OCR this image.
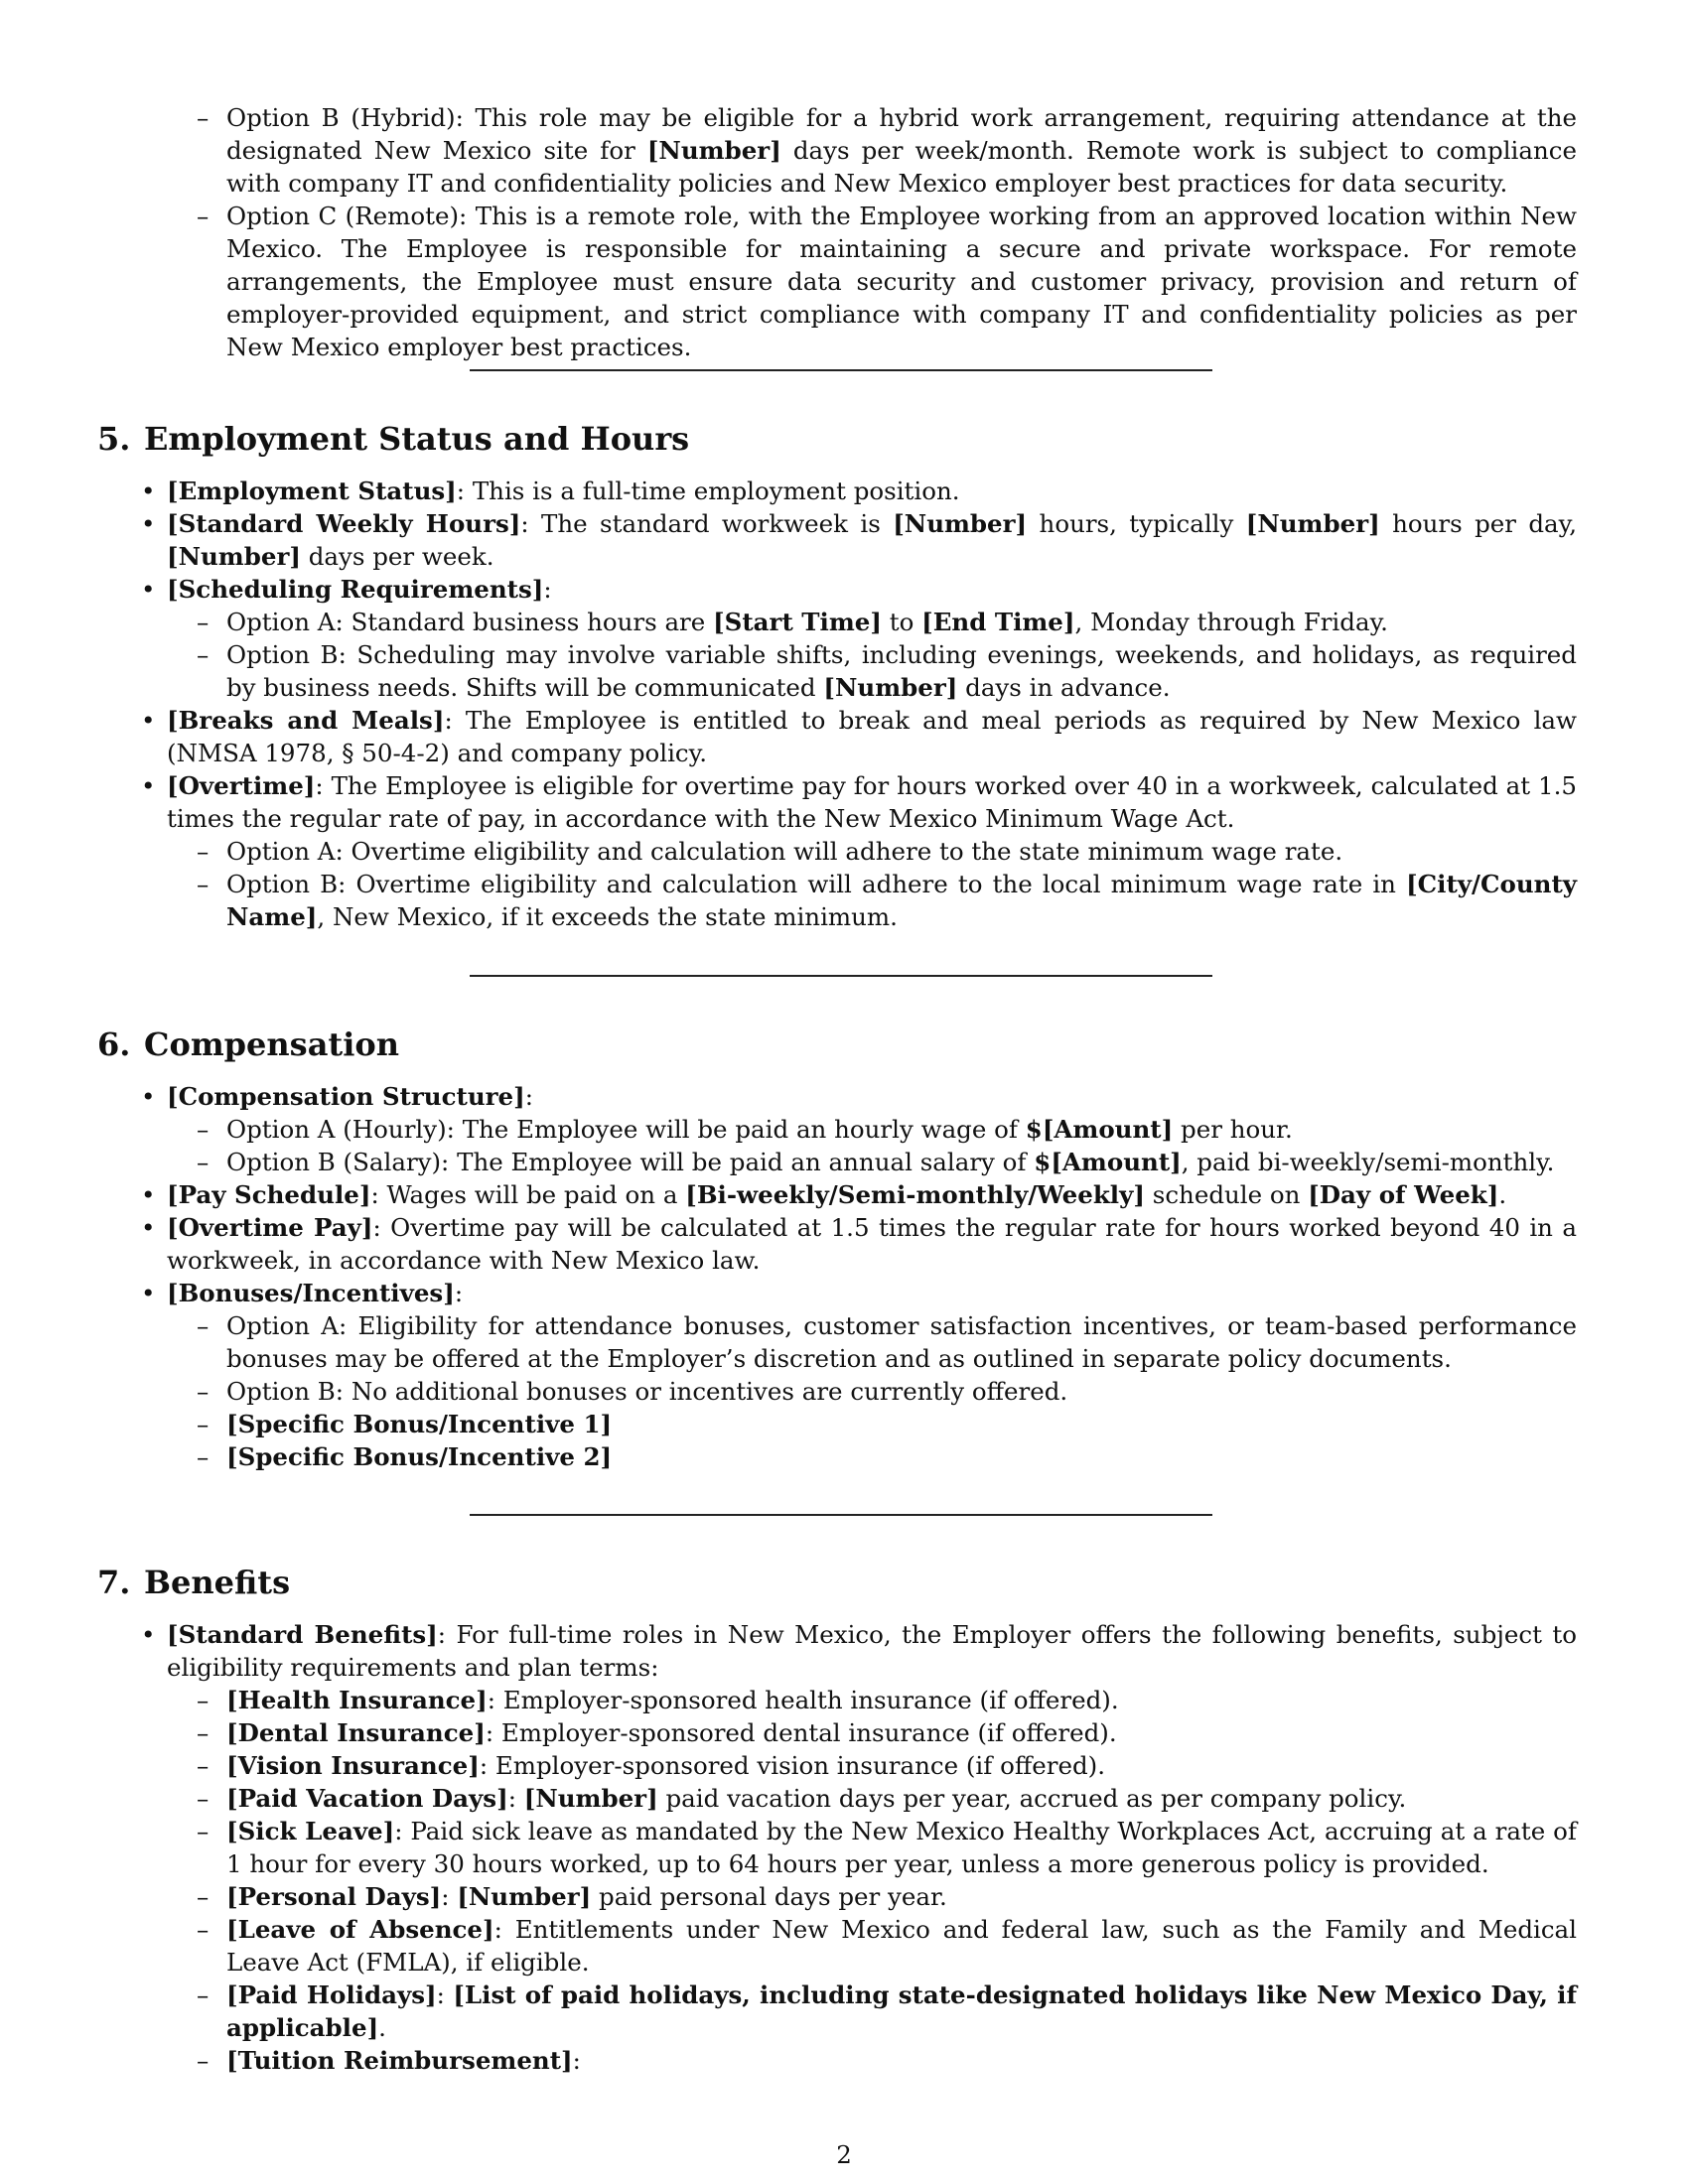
– Option B (Hybrid): This role may be eligible for a hybrid work arrangement, requiring attendance at the designated New Mexico site for [Number] days per week/month. Remote work is subject to compliance with company IT and confidentiality policies and New Mexico employer best practices for data security.
– Option C (Remote): This is a remote role, with the Employee working from an approved location within New Mexico. The Employee is responsible for maintaining a secure and private workspace. For remote arrangements, the Employee must ensure data security and customer privacy, provision and return of employer-provided equipment, and strict compliance with company IT and confidentiality policies as per New Mexico employer best practices.
5. Employment Status and Hours
• [Employment Status]: This is a full-time employment position.
• [Standard Weekly Hours]: The standard workweek is [Number] hours, typically [Number] hours per day, [Number] days per week.
• [Scheduling Requirements]:
– Option A: Standard business hours are [Start Time] to [End Time], Monday through Friday.
– Option B: Scheduling may involve variable shifts, including evenings, weekends, and holidays, as required by business needs. Shifts will be communicated [Number] days in advance.
• [Breaks and Meals]: The Employee is entitled to break and meal periods as required by New Mexico law (NMSA 1978, § 50-4-2) and company policy.
• [Overtime]: The Employee is eligible for overtime pay for hours worked over 40 in a workweek, calculated at 1.5 times the regular rate of pay, in accordance with the New Mexico Minimum Wage Act.
– Option A: Overtime eligibility and calculation will adhere to the state minimum wage rate.
– Option B: Overtime eligibility and calculation will adhere to the local minimum wage rate in [City/County Name], New Mexico, if it exceeds the state minimum.
6. Compensation
• [Compensation Structure]:
– Option A (Hourly): The Employee will be paid an hourly wage of $[Amount] per hour.
– Option B (Salary): The Employee will be paid an annual salary of $[Amount], paid bi-weekly/semi-monthly.
• [Pay Schedule]: Wages will be paid on a [Bi-weekly/Semi-monthly/Weekly] schedule on [Day of Week].
• [Overtime Pay]: Overtime pay will be calculated at 1.5 times the regular rate for hours worked beyond 40 in a workweek, in accordance with New Mexico law.
• [Bonuses/Incentives]:
– Option A: Eligibility for attendance bonuses, customer satisfaction incentives, or team-based performance bonuses may be offered at the Employer’s discretion and as outlined in separate policy documents.
– Option B: No additional bonuses or incentives are currently offered.
– [Specific Bonus/Incentive 1]
– [Specific Bonus/Incentive 2]
7. Benefits
• [Standard Benefits]: For full-time roles in New Mexico, the Employer offers the following benefits, subject to eligibility requirements and plan terms:
– [Health Insurance]: Employer-sponsored health insurance (if offered).
– [Dental Insurance]: Employer-sponsored dental insurance (if offered).
– [Vision Insurance]: Employer-sponsored vision insurance (if offered).
– [Paid Vacation Days]: [Number] paid vacation days per year, accrued as per company policy.
– [Sick Leave]: Paid sick leave as mandated by the New Mexico Healthy Workplaces Act, accruing at a rate of 1 hour for every 30 hours worked, up to 64 hours per year, unless a more generous policy is provided.
– [Personal Days]: [Number] paid personal days per year.
– [Leave of Absence]: Entitlements under New Mexico and federal law, such as the Family and Medical Leave Act (FMLA), if eligible.
– [Paid Holidays]: [List of paid holidays, including state-designated holidays like New Mexico Day, if applicable].
– [Tuition Reimbursement]:
2
